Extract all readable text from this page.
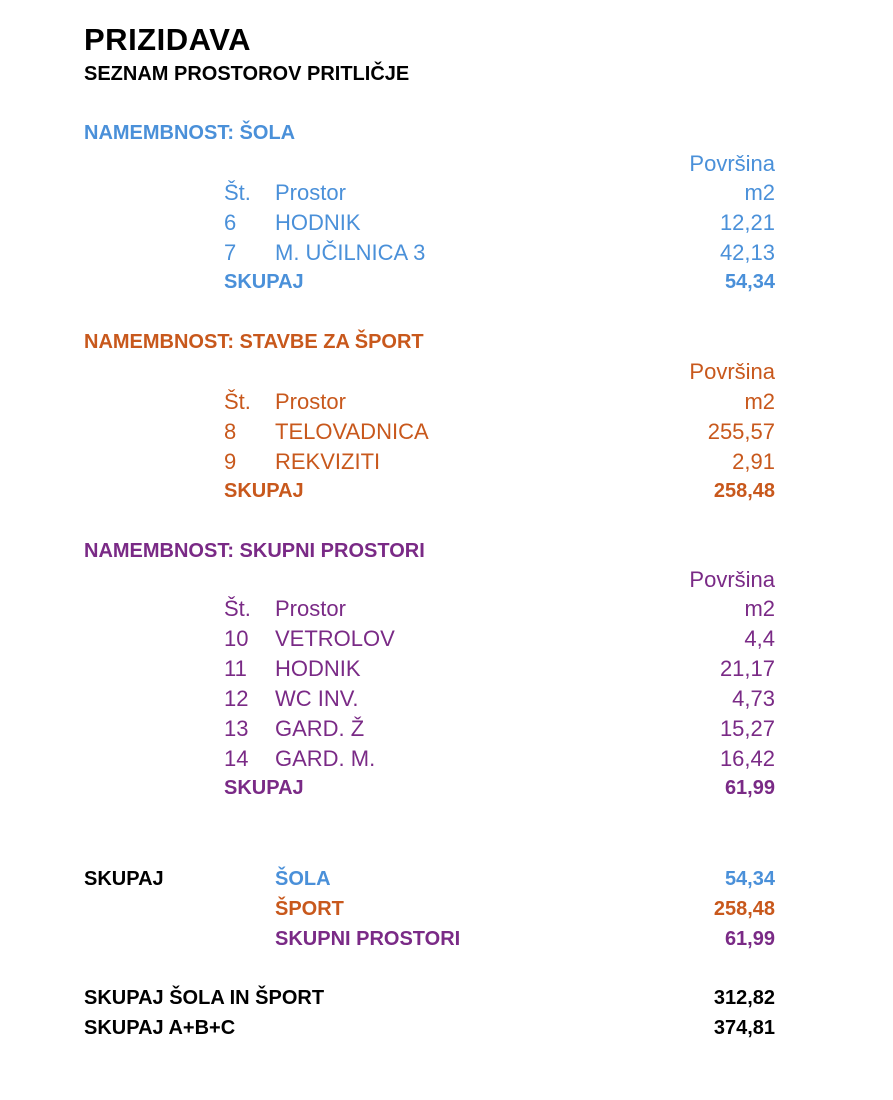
PRIZIDAVA
SEZNAM PROSTOROV PRITLIČJE
NAMEMBNOST: ŠOLA
Površina
Št. Prostor	m2
6 HODNIK	12,21
7 M. UČILNICA 3	42,13
SKUPAJ	54,34
NAMEMBNOST: STAVBE ZA ŠPORT
Površina
Št. Prostor	m2
8 TELOVADNICA	255,57
9 REKVIZITI	2,91
SKUPAJ	258,48
NAMEMBNOST: SKUPNI PROSTORI
Površina
Št. Prostor	m2
10 VETROLOV	4,4
11 HODNIK	21,17
12 WC INV.	4,73
13 GARD. Ž	15,27
14 GARD. M.	16,42
SKUPAJ	61,99
SKUPAJ	ŠOLA	54,34
ŠPORT	258,48
SKUPNI PROSTORI	61,99
SKUPAJ ŠOLA IN ŠPORT	312,82
SKUPAJ A+B+C	374,81
